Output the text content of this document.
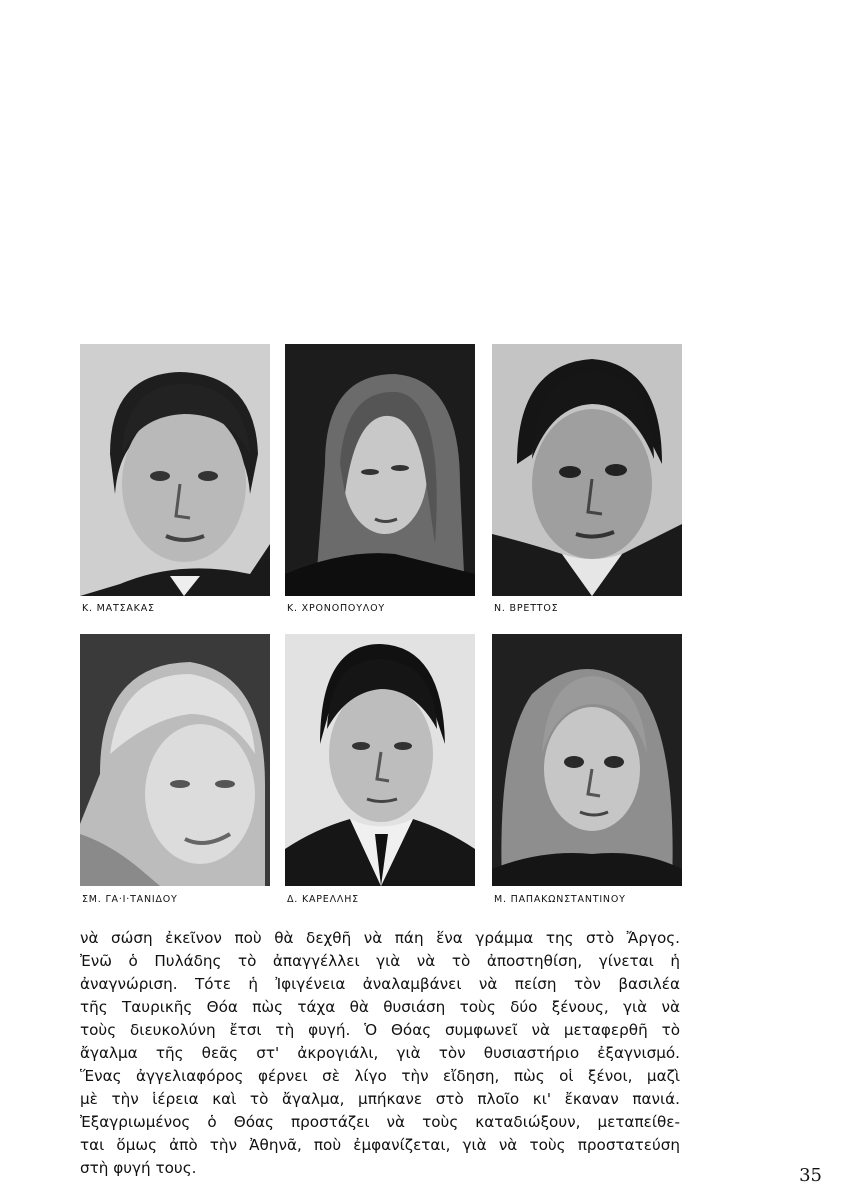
Κ. ΜΑΤΣΑΚΑΣ	Κ. ΧΡΟΝΟΠΟΥΛΟΥ	Ν. ΒΡΕΤΤΟΣ
ΣΜ. ΓΑ·Ι·ΤΑΝΙΔΟΥ	Δ. ΚΑΡΕΛΛΗΣ	Μ. ΠΑΠΑΚΩΝΣΤΑΝΤΙΝΟΥ
νὰ σώση ἐκεῖνον ποὺ θὰ δεχθῆ νὰ πάη ἕνα γράμμα της στὸ Ἄργος.
Ἐνῶ ὁ Πυλάδης τὸ ἀπαγγέλλει γιὰ νὰ τὸ ἀποστηθίση, γίνεται ἡ
ἀναγνώριση. Τότε ἡ Ἰφιγένεια ἀναλαμβάνει νὰ πείση τὸν βασιλέα
τῆς Ταυρικῆς Θόα πὼς τάχα θὰ θυσιάση τοὺς δύο ξένους, γιὰ νὰ
τοὺς διευκολύνη ἔτσι τὴ φυγή. Ὁ Θόας συμφωνεῖ νὰ μεταφερθῆ τὸ
ἄγαλμα τῆς θεᾶς στ' ἀκρογιάλι, γιὰ τὸν θυσιαστήριο ἐξαγνισμό.
Ἕνας ἀγγελιαφόρος φέρνει σὲ λίγο τὴν εἴδηση, πὼς οἱ ξένοι, μαζὶ
μὲ τὴν ἱέρεια καὶ τὸ ἄγαλμα, μπήκανε στὸ πλοῖο κι' ἔκαναν πανιά.
Ἐξαγριωμένος ὁ Θόας προστάζει νὰ τοὺς καταδιώξουν, μεταπείθε-
ται ὅμως ἀπὸ τὴν Ἀθηνᾶ, ποὺ ἐμφανίζεται, γιὰ νὰ τοὺς προστατεύση
στὴ φυγή τους.	35
